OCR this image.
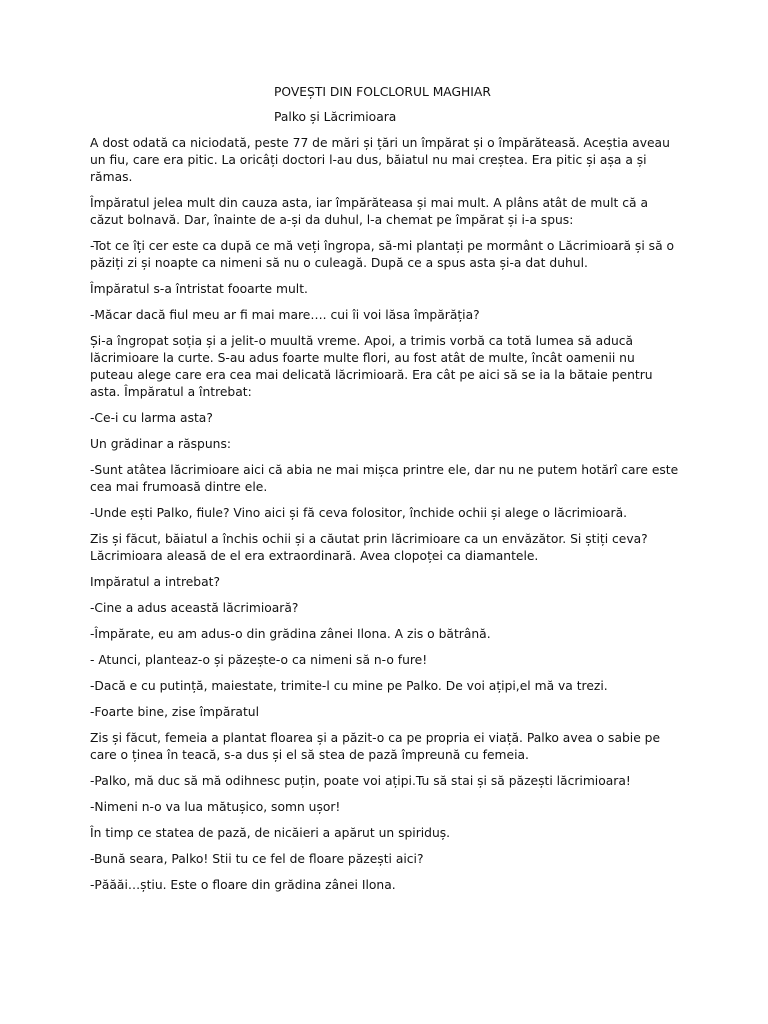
POVEȘTI DIN FOLCLORUL MAGHIAR
Palko și Lăcrimioara

A dost odată ca niciodată, peste 77 de mări și țări un împărat și o împărăteasă. Aceștia aveau un fiu, care era pitic. La oricâți doctori l-au dus, băiatul nu mai creștea. Era pitic și așa a și rămas.

Împăratul jelea mult din cauza asta, iar împărăteasa și mai mult. A plâns atât de mult că a căzut bolnavă. Dar, înainte de a-și da duhul, l-a chemat pe împărat și i-a spus:

-Tot ce îți cer este ca după ce mă veți îngropa, să-mi plantați pe mormânt o Lăcrimioară și să o păziți zi și noapte ca nimeni să nu o culeagă. După ce a spus asta și-a dat duhul.

Împăratul s-a întristat fooarte mult.

-Măcar dacă fiul meu ar fi mai mare…. cui îi voi lăsa împărăția?

Și-a îngropat soția și a jelit-o muultă vreme. Apoi, a trimis vorbă ca totă lumea să aducă lăcrimioare la curte. S-au adus foarte multe flori, au fost atât de multe, încât oamenii nu puteau alege care era cea mai delicată lăcrimioară. Era cât pe aici să se ia la bătaie pentru asta. Împăratul a întrebat:

-Ce-i cu larma asta?

Un grădinar a răspuns:

-Sunt atâtea lăcrimioare aici că abia ne mai mișca printre ele, dar nu ne putem hotărî care este cea mai frumoasă dintre ele.

-Unde ești Palko, fiule? Vino aici și fă ceva folositor, închide ochii și alege o lăcrimioară.

Zis și făcut, băiatul a închis ochii și a căutat prin lăcrimioare ca un envăzător. Si știți ceva? Lăcrimioara aleasă de el era extraordinară. Avea clopoței ca diamantele.

Impăratul a intrebat?

-Cine a adus această lăcrimioară?

-Împărate, eu am adus-o din grădina zânei Ilona. A zis o bătrână.

- Atunci, planteaz-o și păzește-o ca nimeni să n-o fure!

-Dacă e cu putință, maiestate, trimite-l cu mine pe Palko. De voi ațipi,el mă va trezi.

-Foarte bine, zise împăratul

Zis și făcut, femeia a plantat floarea și a păzit-o ca pe propria ei viață. Palko avea o sabie pe care o ținea în teacă, s-a dus și el să stea de pază împreună cu femeia.

-Palko, mă duc să mă odihnesc puțin, poate voi ațipi.Tu să stai și să păzești lăcrimioara!

-Nimeni n-o va lua mătușico, somn ușor!

În timp ce statea de pază, de nicăieri a apărut un spiriduș.

-Bună seara, Palko! Stii tu ce fel de floare păzești aici?

-Păăăi…știu. Este o floare din grădina zânei Ilona.
